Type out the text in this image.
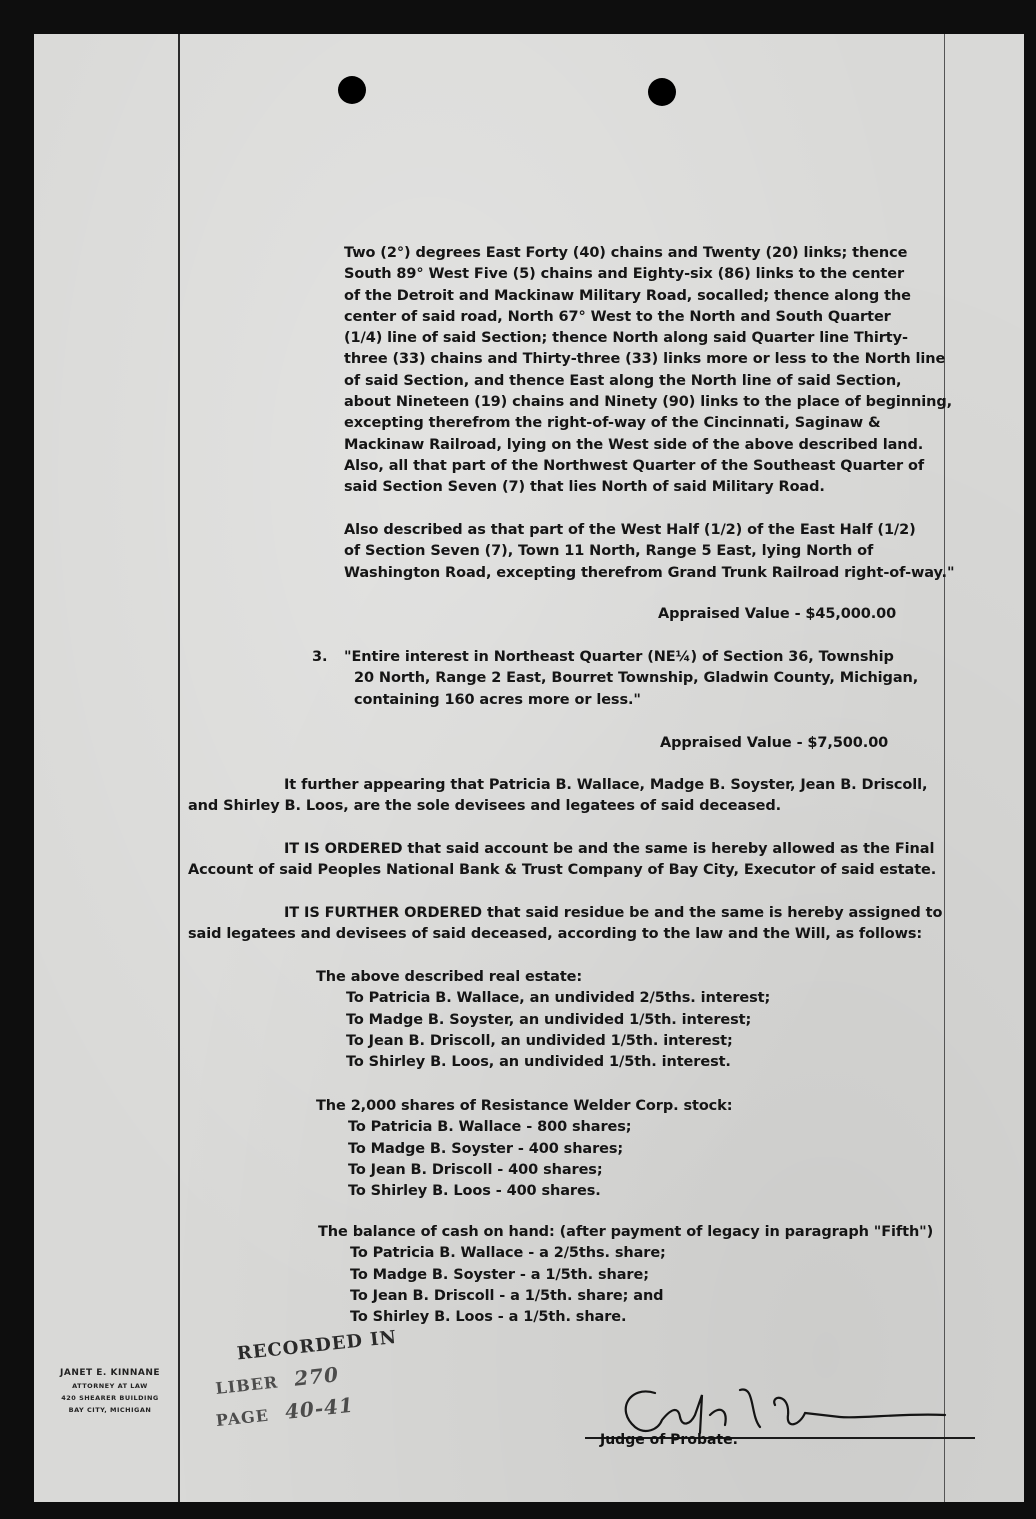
Two (2°) degrees East Forty (40) chains and Twenty (20) links; thence
South 89° West Five (5) chains and Eighty-six (86) links to the center
of the Detroit and Mackinaw Military Road, socalled; thence along the
center of said road, North 67° West to the North and South Quarter
(1/4) line of said Section; thence North along said Quarter line Thirty-
three (33) chains and Thirty-three (33) links more or less to the North line
of said Section, and thence East along the North line of said Section,
about Nineteen (19) chains and Ninety (90) links to the place of beginning,
excepting therefrom the right-of-way of the Cincinnati, Saginaw &
Mackinaw Railroad, lying on the West side of the above described land.
Also, all that part of the Northwest Quarter of the Southeast Quarter of
said Section Seven (7) that lies North of said Military Road.
Also described as that part of the West Half (1/2) of the East Half (1/2)
of Section Seven (7), Town 11 North, Range 5 East, lying North of
Washington Road, excepting therefrom Grand Trunk Railroad right-of-way."
Appraised Value - $45,000.00
3. "Entire interest in Northeast Quarter (NE¼) of Section 36, Township
20 North, Range 2 East, Bourret Township, Gladwin County, Michigan,
containing 160 acres more or less."
Appraised Value - $7,500.00
It further appearing that Patricia B. Wallace, Madge B. Soyster, Jean B. Driscoll,
and Shirley B. Loos, are the sole devisees and legatees of said deceased.
IT IS ORDERED that said account be and the same is hereby allowed as the Final
Account of said Peoples National Bank & Trust Company of Bay City, Executor of said estate.
IT IS FURTHER ORDERED that said residue be and the same is hereby assigned to
said legatees and devisees of said deceased, according to the law and the Will, as follows:
The above described real estate:
To Patricia B. Wallace, an undivided 2/5ths. interest;
To Madge B. Soyster, an undivided 1/5th. interest;
To Jean B. Driscoll, an undivided 1/5th. interest;
To Shirley B. Loos, an undivided 1/5th. interest.
The 2,000 shares of Resistance Welder Corp. stock:
To Patricia B. Wallace - 800 shares;
To Madge B. Soyster - 400 shares;
To Jean B. Driscoll - 400 shares;
To Shirley B. Loos - 400 shares.
The balance of cash on hand: (after payment of legacy in paragraph "Fifth")
To Patricia B. Wallace - a 2/5ths. share;
To Madge B. Soyster - a 1/5th. share;
To Jean B. Driscoll - a 1/5th. share; and
To Shirley B. Loos - a 1/5th. share.
JANET E. KINNANE
ATTORNEY AT LAW
420 SHEARER BUILDING
BAY CITY, MICHIGAN
RECORDED IN
LIBER 270
PAGE 40-41
Judge of Probate.
